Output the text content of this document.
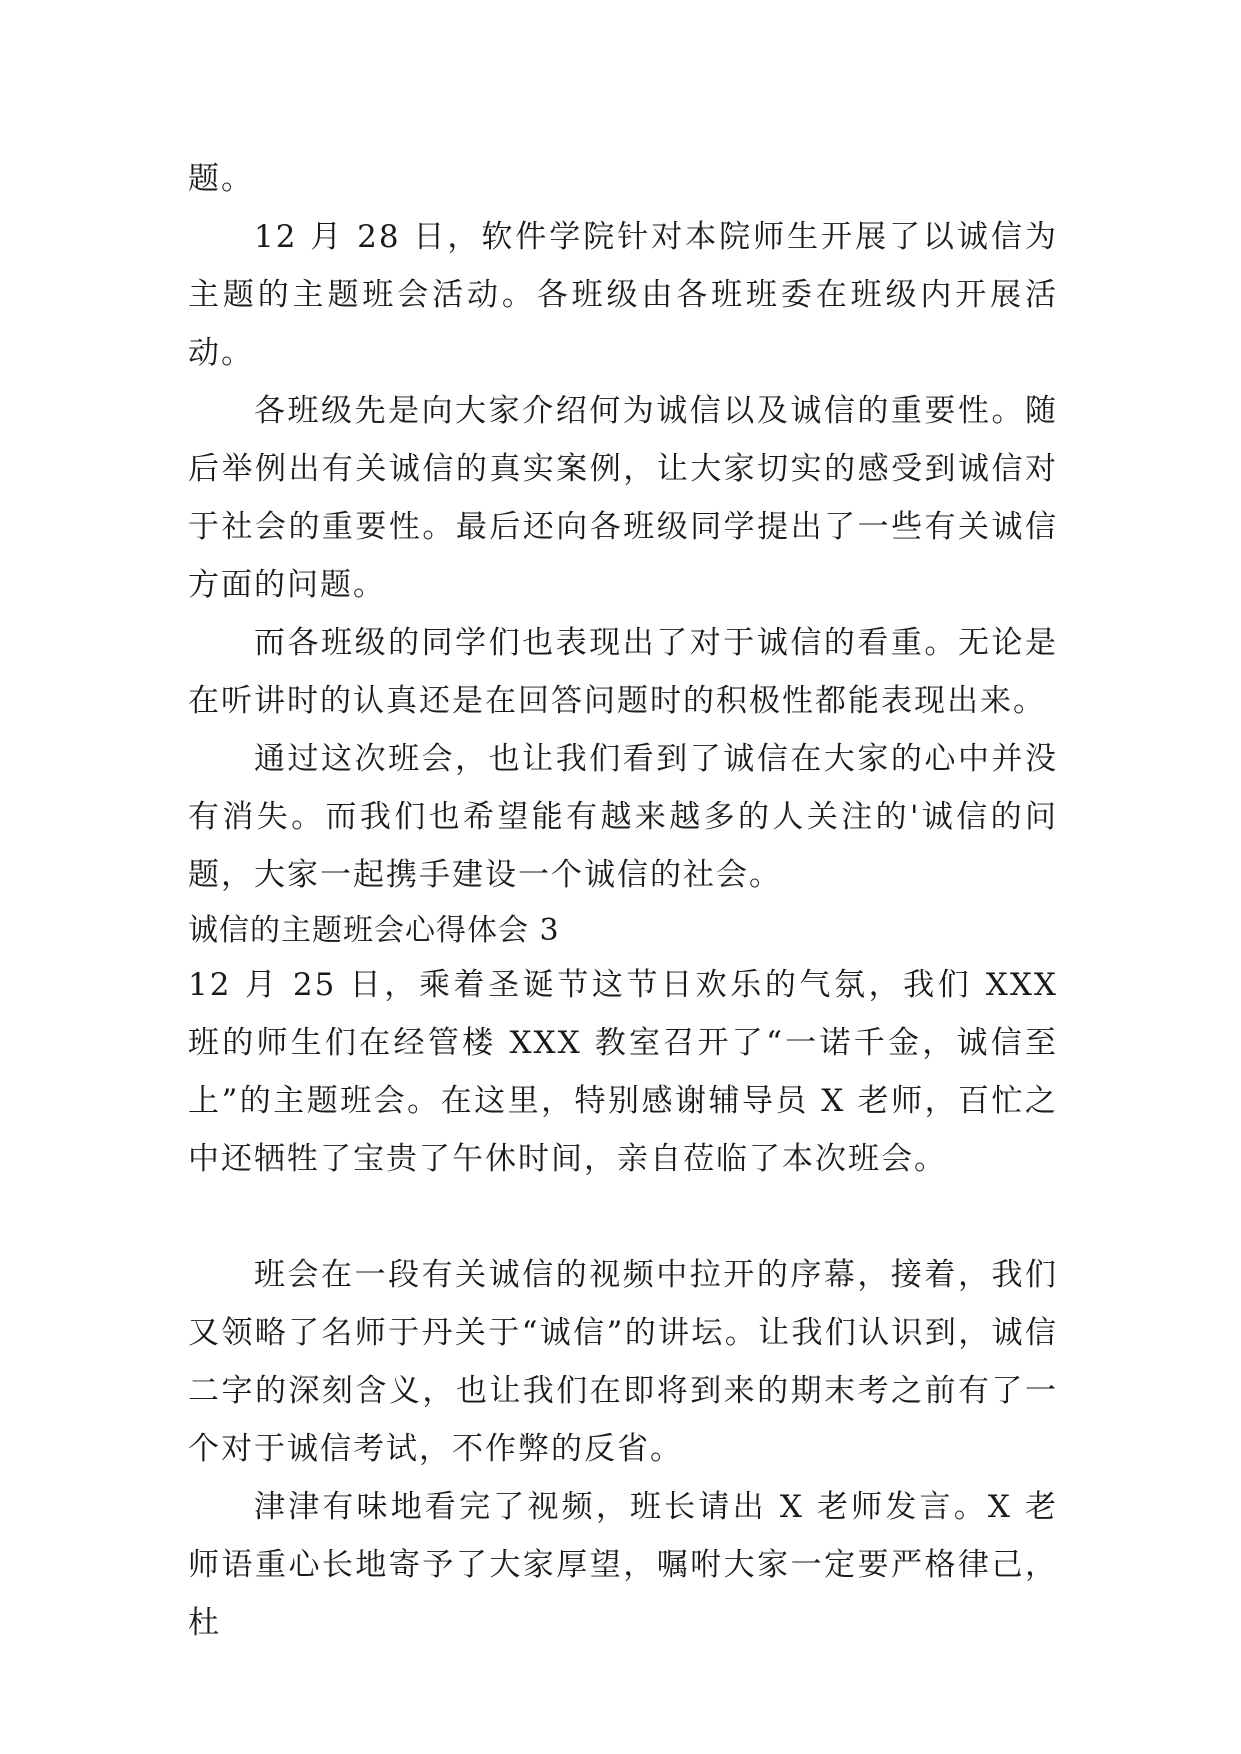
题。

12 月 28 日，软件学院针对本院师生开展了以诚信为主题的主题班会活动。各班级由各班班委在班级内开展活动。

各班级先是向大家介绍何为诚信以及诚信的重要性。随后举例出有关诚信的真实案例，让大家切实的感受到诚信对于社会的重要性。最后还向各班级同学提出了一些有关诚信方面的问题。

而各班级的同学们也表现出了对于诚信的看重。无论是在听讲时的认真还是在回答问题时的积极性都能表现出来。

通过这次班会，也让我们看到了诚信在大家的心中并没有消失。而我们也希望能有越来越多的人关注的'诚信的问题，大家一起携手建设一个诚信的社会。

诚信的主题班会心得体会 3

12 月 25 日，乘着圣诞节这节日欢乐的气氛，我们 XXX 班的师生们在经管楼 XXX 教室召开了“一诺千金，诚信至上”的主题班会。在这里，特别感谢辅导员 X 老师，百忙之中还牺牲了宝贵了午休时间，亲自莅临了本次班会。

班会在一段有关诚信的视频中拉开的序幕，接着，我们又领略了名师于丹关于“诚信”的讲坛。让我们认识到，诚信二字的深刻含义，也让我们在即将到来的期末考之前有了一个对于诚信考试，不作弊的反省。

津津有味地看完了视频，班长请出 X 老师发言。X 老师语重心长地寄予了大家厚望，嘱咐大家一定要严格律己，杜
